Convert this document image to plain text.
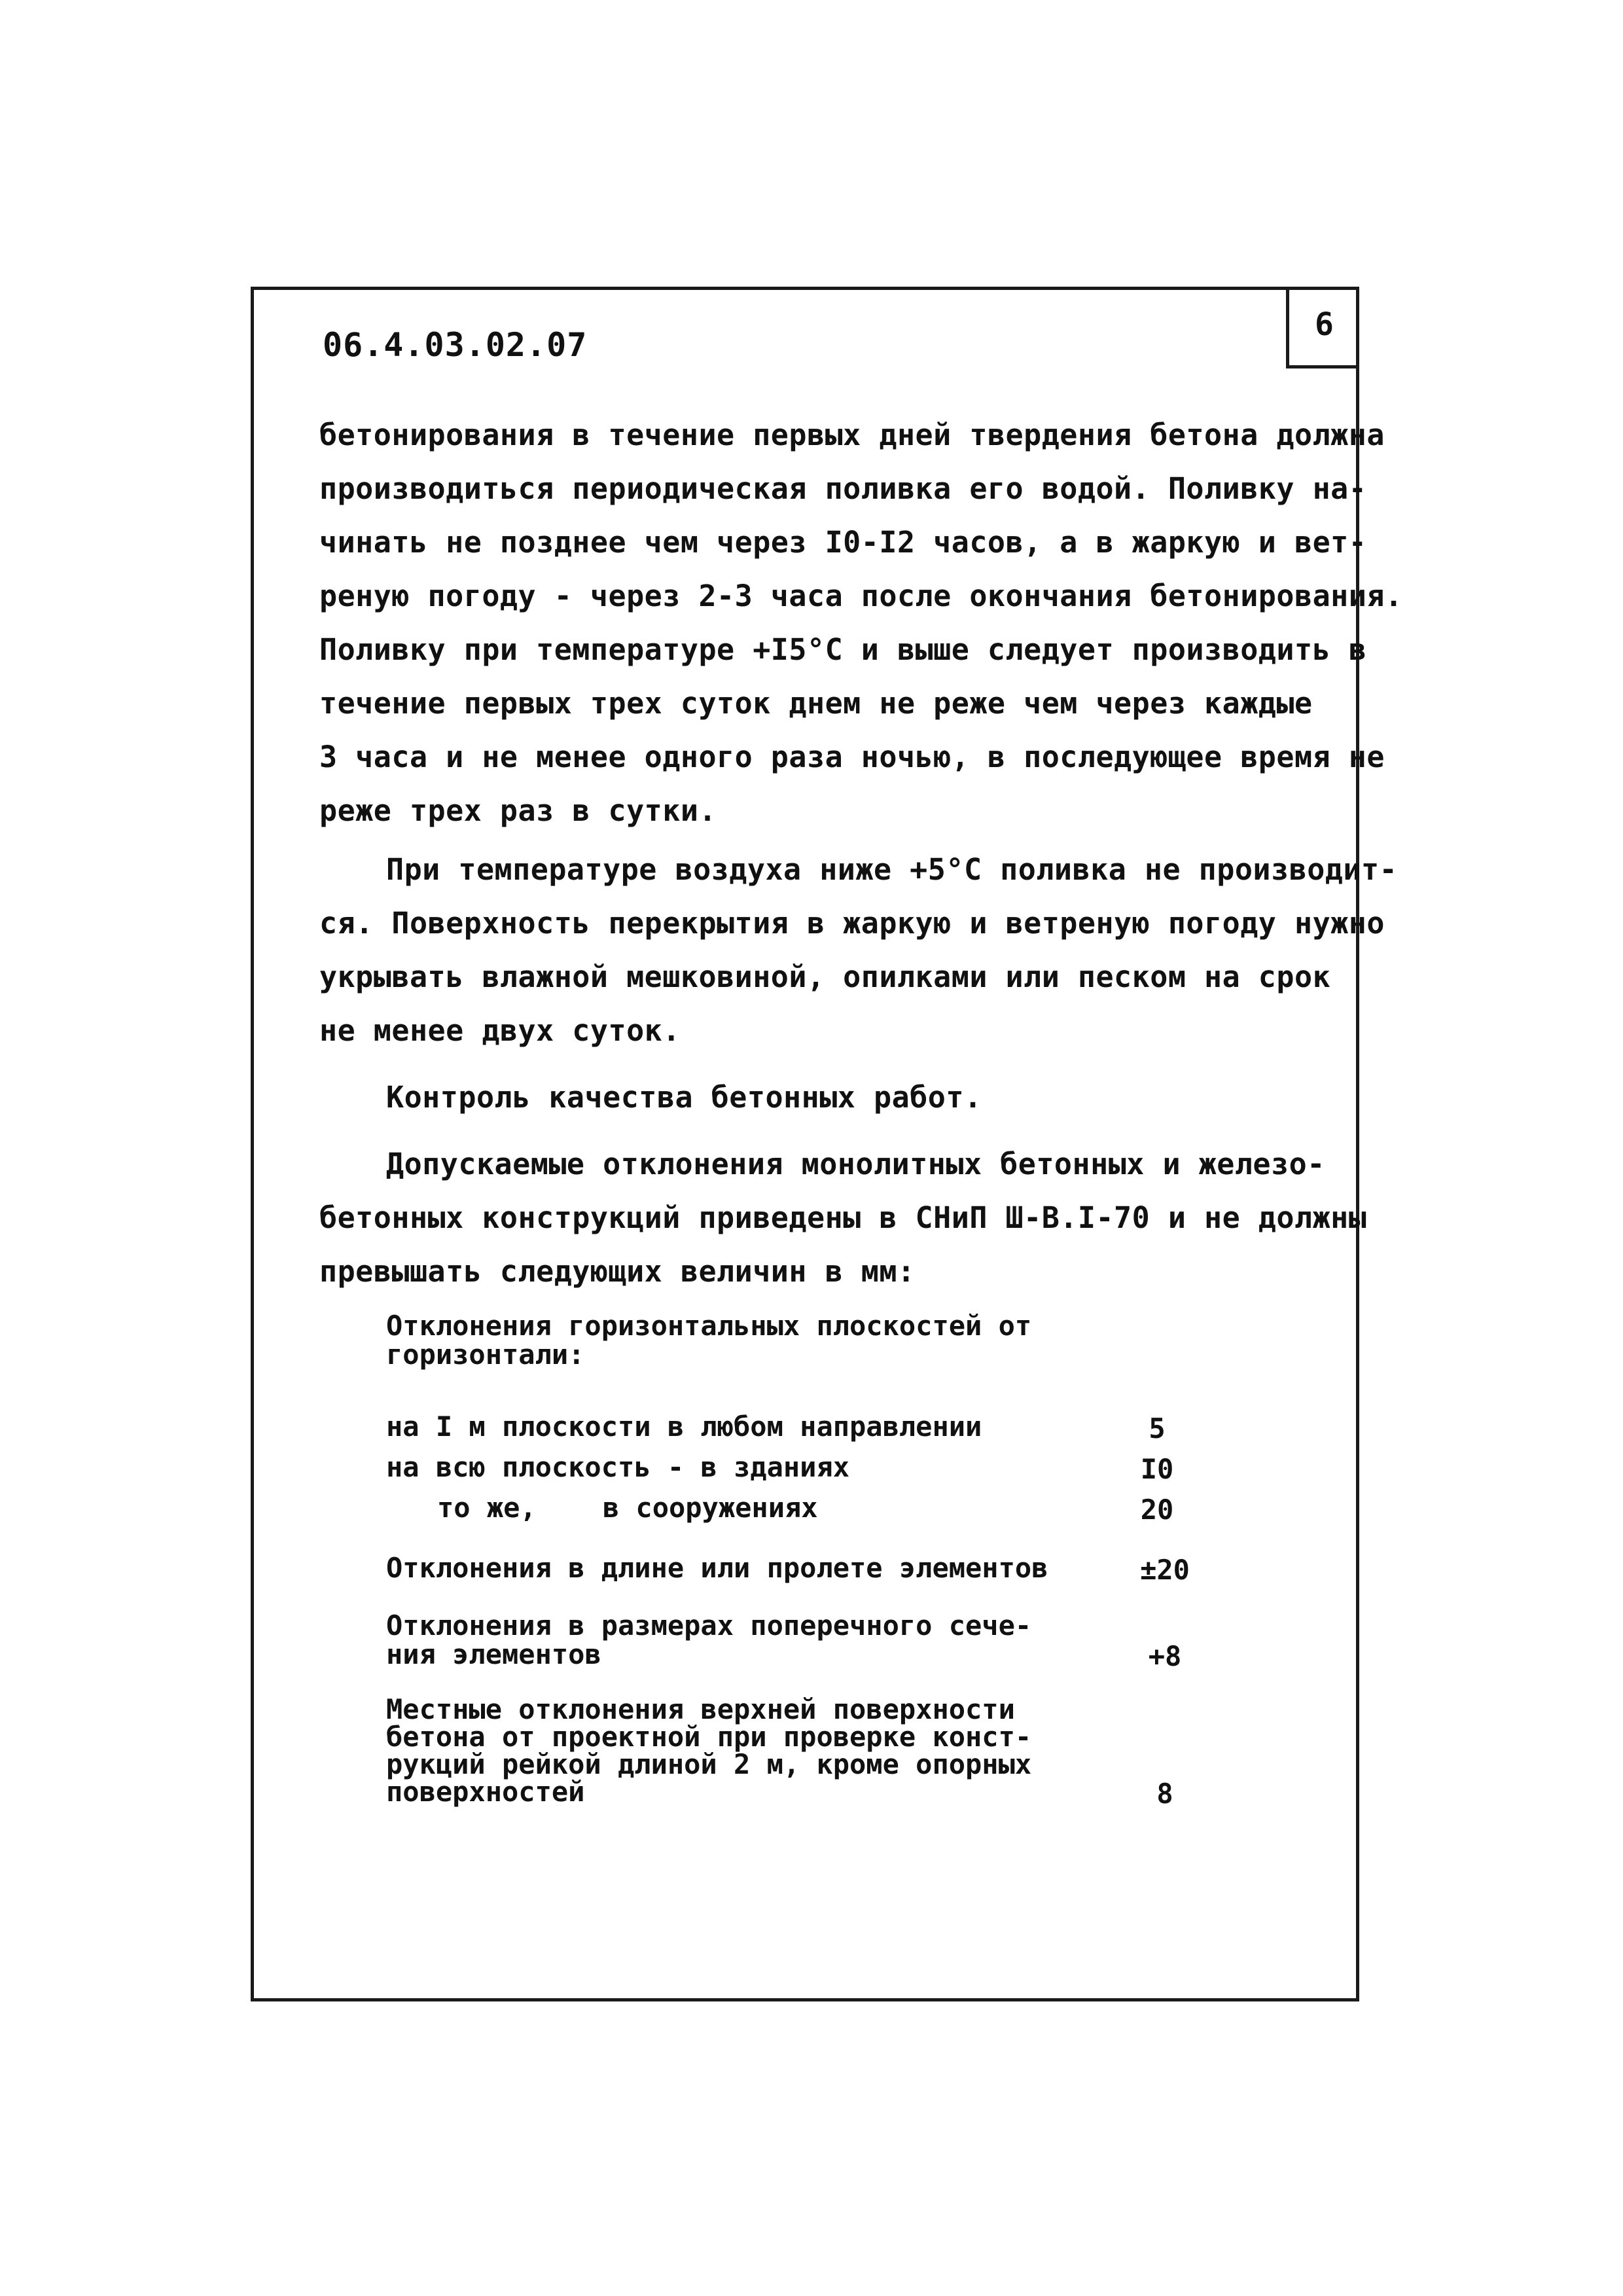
06.4.03.02.07
6
бетонирования в течение первых дней твердения бетона должна
производиться периодическая поливка его водой. Поливку на-
чинать не позднее чем через I0-I2 часов, а в жаркую и вет-
реную погоду - через 2-3 часа после окончания бетонирования.
Поливку при температуре +I5°C и выше следует производить в
течение первых трех суток днем не реже чем через каждые
3 часа и не менее одного раза ночью, в последующее время не
реже трех раз в сутки.
При температуре воздуха ниже +5°C поливка не производит-
ся. Поверхность перекрытия в жаркую и ветреную погоду нужно
укрывать влажной мешковиной, опилками или песком на срок
не менее двух суток.
Контроль качества бетонных работ.
Допускаемые отклонения монолитных бетонных и железо-
бетонных конструкций приведены в СНиП Ш-В.I-70 и не должны
превышать следующих величин в мм:
Отклонения горизонтальных плоскостей от
горизонтали:
на I м плоскости в любом направлении	5
на всю плоскость - в зданиях	I0
то же,    в сооружениях	20
Отклонения в длине или пролете элементов	±20
Отклонения в размерах поперечного сече-
ния элементов	+8
Местные отклонения верхней поверхности
бетона от проектной при проверке конст-
рукций рейкой длиной 2 м, кроме опорных
поверхностей	8
